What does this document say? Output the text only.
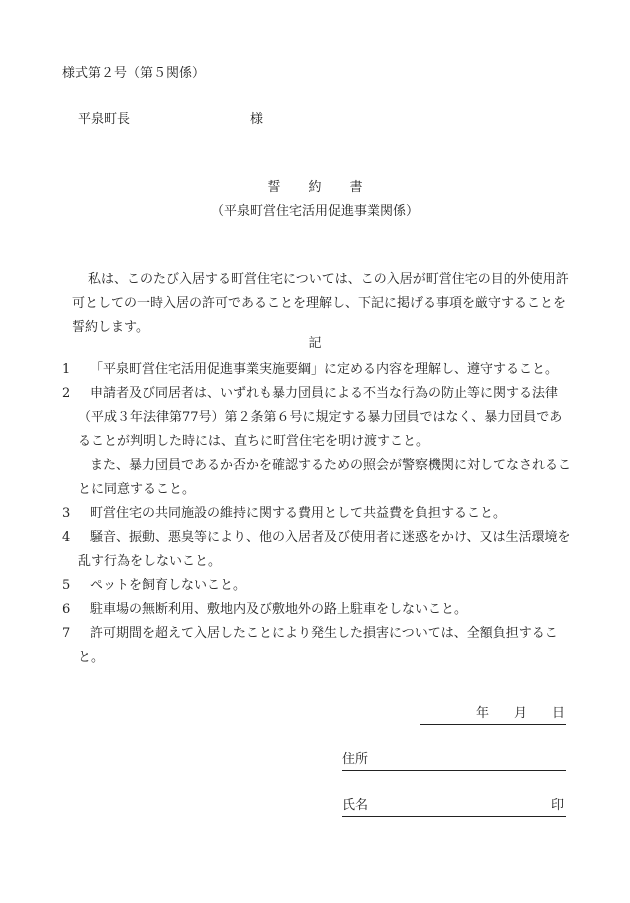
様式第２号（第５関係）
平泉町長	様
誓約書
（平泉町営住宅活用促進事業関係）
私は、このたび入居する町営住宅については、この入居が町営住宅の目的外使用許可としての一時入居の許可であることを理解し、下記に掲げる事項を厳守することを誓約します。
記
1	「平泉町営住宅活用促進事業実施要綱」に定める内容を理解し、遵守すること。
2	申請者及び同居者は、いずれも暴力団員による不当な行為の防止等に関する法律（平成３年法律第77号）第２条第６号に規定する暴力団員ではなく、暴力団員であることが判明した時には、直ちに町営住宅を明け渡すこと。
また、暴力団員であるか否かを確認するための照会が警察機関に対してなされることに同意すること。
3	町営住宅の共同施設の維持に関する費用として共益費を負担すること。
4	騒音、振動、悪臭等により、他の入居者及び使用者に迷惑をかけ、又は生活環境を乱す行為をしないこと。
5	ペットを飼育しないこと。
6	駐車場の無断利用、敷地内及び敷地外の路上駐車をしないこと。
7	許可期間を超えて入居したことにより発生した損害については、全額負担すること。
年 月 日
住所
氏名	印
